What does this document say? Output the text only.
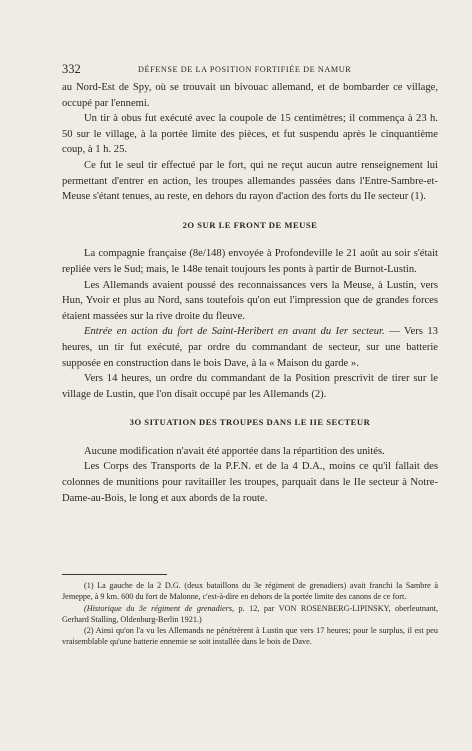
332	DÉFENSE DE LA POSITION FORTIFIÉE DE NAMUR

au Nord-Est de Spy, où se trouvait un bivouac allemand, et de bombarder ce village, occupé par l'ennemi.

Un tir à obus fut exécuté avec la coupole de 15 centimètres; il commença à 23 h. 50 sur le village, à la portée limite des pièces, et fut suspendu après le cinquantième coup, à 1 h. 25.

Ce fut le seul tir effectué par le fort, qui ne reçut aucun autre renseignement lui permettant d'entrer en action, les troupes allemandes passées dans l'Entre-Sambre-et-Meuse s'étant tenues, au reste, en dehors du rayon d'action des forts du IIe secteur (1).

2O SUR LE FRONT DE MEUSE

La compagnie française (8e/148) envoyée à Profondeville le 21 août au soir s'était repliée vers le Sud; mais, le 148e tenait toujours les ponts à partir de Burnot-Lustin.

Les Allemands avaient poussé des reconnaissances vers la Meuse, à Lustin, vers Hun, Yvoir et plus au Nord, sans toutefois qu'on eut l'impression que de grandes forces étaient massées sur la rive droite du fleuve.

Entrée en action du fort de Saint-Heribert en avant du Ier secteur. — Vers 13 heures, un tir fut exécuté, par ordre du commandant de secteur, sur une batterie supposée en construction dans le bois Dave, à la « Maison du garde ».

Vers 14 heures, un ordre du commandant de la Position prescrivit de tirer sur le village de Lustin, que l'on disait occupé par les Allemands (2).

3O SITUATION DES TROUPES DANS LE IIE SECTEUR

Aucune modification n'avait été apportée dans la répartition des unités.

Les Corps des Transports de la P.F.N. et de la 4 D.A., moins ce qu'il fallait des colonnes de munitions pour ravitailler les troupes, parquait dans le IIe secteur à Notre-Dame-au-Bois, le long et aux abords de la route.

(1) La gauche de la 2 D.G. (deux bataillons du 3e régiment de grenadiers) avait franchi la Sambre à Jemeppe, à 9 km. 600 du fort de Malonne, c'est-à-dire en dehors de la portée limite des canons de ce fort.

(Historique du 3e régiment de grenadiers, p. 12, par VON ROSENBERG-LIPINSKY, oberleutnant, Gerhard Stalling, Oldenburg-Berlin 1921.)

(2) Ainsi qu'on l'a vu les Allemands ne pénétrèrent à Lustin que vers 17 heures; pour le surplus, il est peu vraisemblable qu'une batterie ennemie se soit installée dans le bois de Dave.
